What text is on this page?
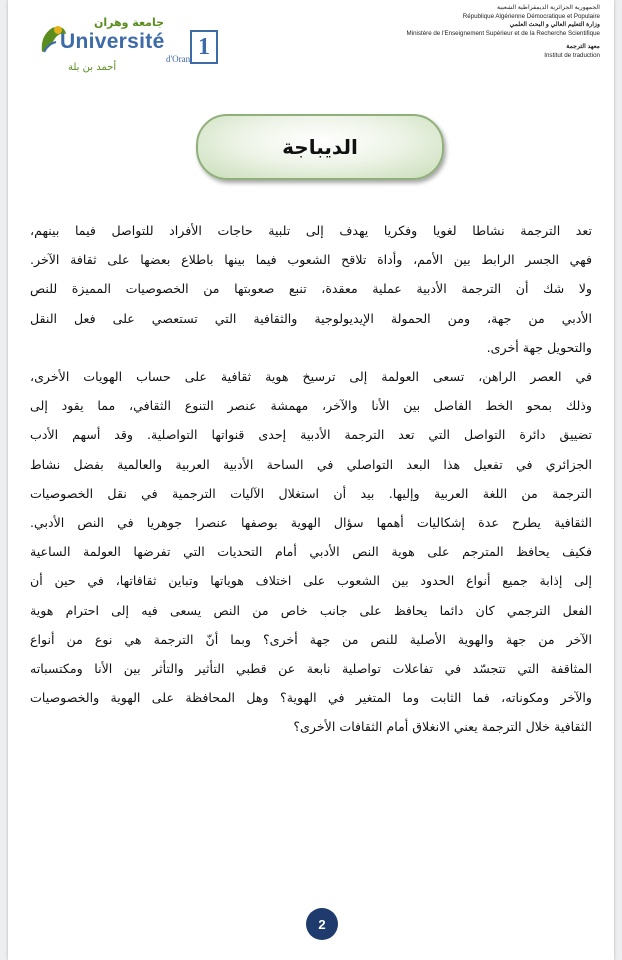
الجمهورية الجزائرية الديمقراطية الشعبية
République Algérienne Démocratique et Populaire
وزارة التعليم العالي و البحث العلمي
Ministère de l'Enseignement Supérieur et de la Recherche Scientifique
معهد الترجمة
Institut de traduction
جامعة وهران
Université
d'Oran 1
أحمد بن بلة
الديباجة

تعد الترجمة نشاطا لغويا وفكريا يهدف إلى تلبية حاجات الأفراد للتواصل فيما بينهم،
فهي الجسر الرابط بين الأمم، وأداة تلاقح الشعوب فيما بينها باطلاع بعضها على ثقافة الآخر.
ولا شك أن الترجمة الأدبية عملية معقدة، تنبع صعوبتها من الخصوصيات المميزة للنص
الأدبي من جهة، ومن الحمولة الإيديولوجية والثقافية التي تستعصي على فعل النقل
والتحويل جهة أخرى.

في العصر الراهن، تسعى العولمة إلى ترسيخ هوية ثقافية على حساب الهويات الأخرى،
وذلك بمحو الخط الفاصل بين الأنا والآخر، مهمشة عنصر التنوع الثقافي، مما يقود إلى
تضييق دائرة التواصل التي تعد الترجمة الأدبية إحدى قنواتها التواصلية. وقد أسهم الأدب
الجزائري في تفعيل هذا البعد التواصلي في الساحة الأدبية العربية والعالمية بفضل نشاط
الترجمة من اللغة العربية وإليها. بيد أن استغلال الآليات الترجمية في نقل الخصوصيات
الثقافية يطرح عدة إشكاليات أهمها سؤال الهوية بوصفها عنصرا جوهريا في النص الأدبي.
فكيف يحافظ المترجم على هوية النص الأدبي أمام التحديات التي تفرضها العولمة الساعية
إلى إذابة جميع أنواع الحدود بين الشعوب على اختلاف هوياتها وتباين ثقافاتها، في حين أن
الفعل الترجمي كان دائما يحافظ على جانب خاص من النص يسعى فيه إلى احترام هوية
الآخر من جهة والهوية الأصلية للنص من جهة أخرى؟ وبما أنّ الترجمة هي نوع من أنواع
المثاقفة التي تتجسّد في تفاعلات تواصلية نابعة عن قطبي التأثير والتأثر بين الأنا ومكتسباته
والآخر ومكوناته، فما الثابت وما المتغير في الهوية؟ وهل المحافظة على الهوية والخصوصيات
الثقافية خلال الترجمة يعني الانغلاق أمام الثقافات الأخرى؟

2
